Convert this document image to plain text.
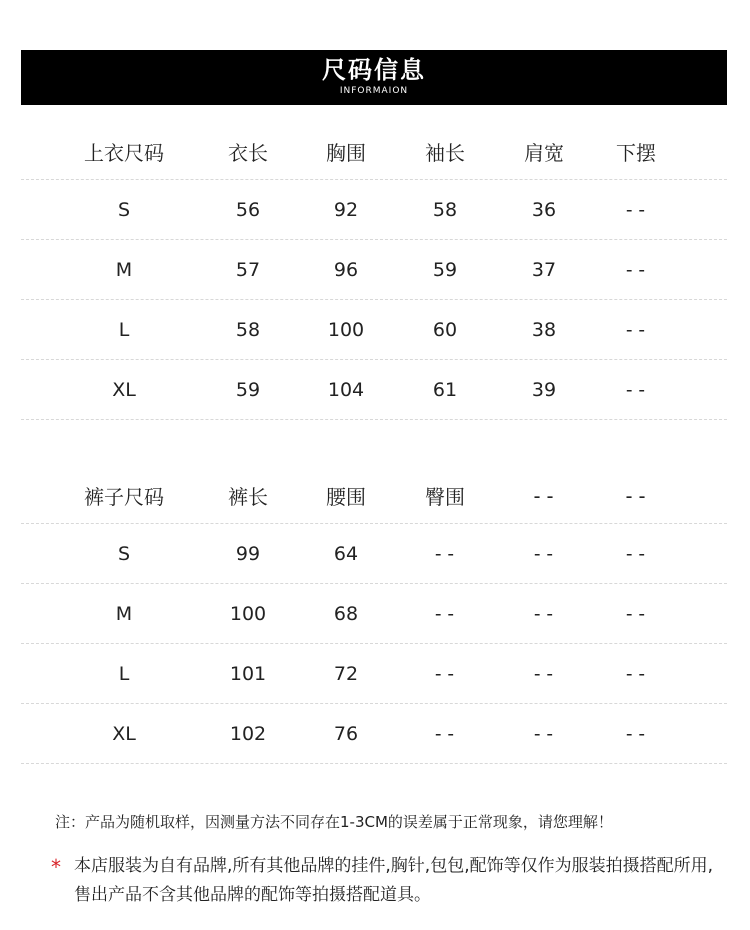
尺码信息
INFORMAION
上衣尺码	衣长	胸围	袖长	肩宽	下摆
S	56	92	58	36	--
M	57	96	59	37	--
L	58	100	60	38	--
XL	59	104	61	39	--
裤子尺码	裤长	腰围	臀围	--	--
S	99	64	--	--	--
M	100	68	--	--	--
L	101	72	--	--	--
XL	102	76	--	--	--
注：产品为随机取样，因测量方法不同存在1-3CM的误差属于正常现象，请您理解！
* 本店服装为自有品牌,所有其他品牌的挂件,胸针,包包,配饰等仅作为服装拍摄搭配所用,售出产品不含其他品牌的配饰等拍摄搭配道具。
